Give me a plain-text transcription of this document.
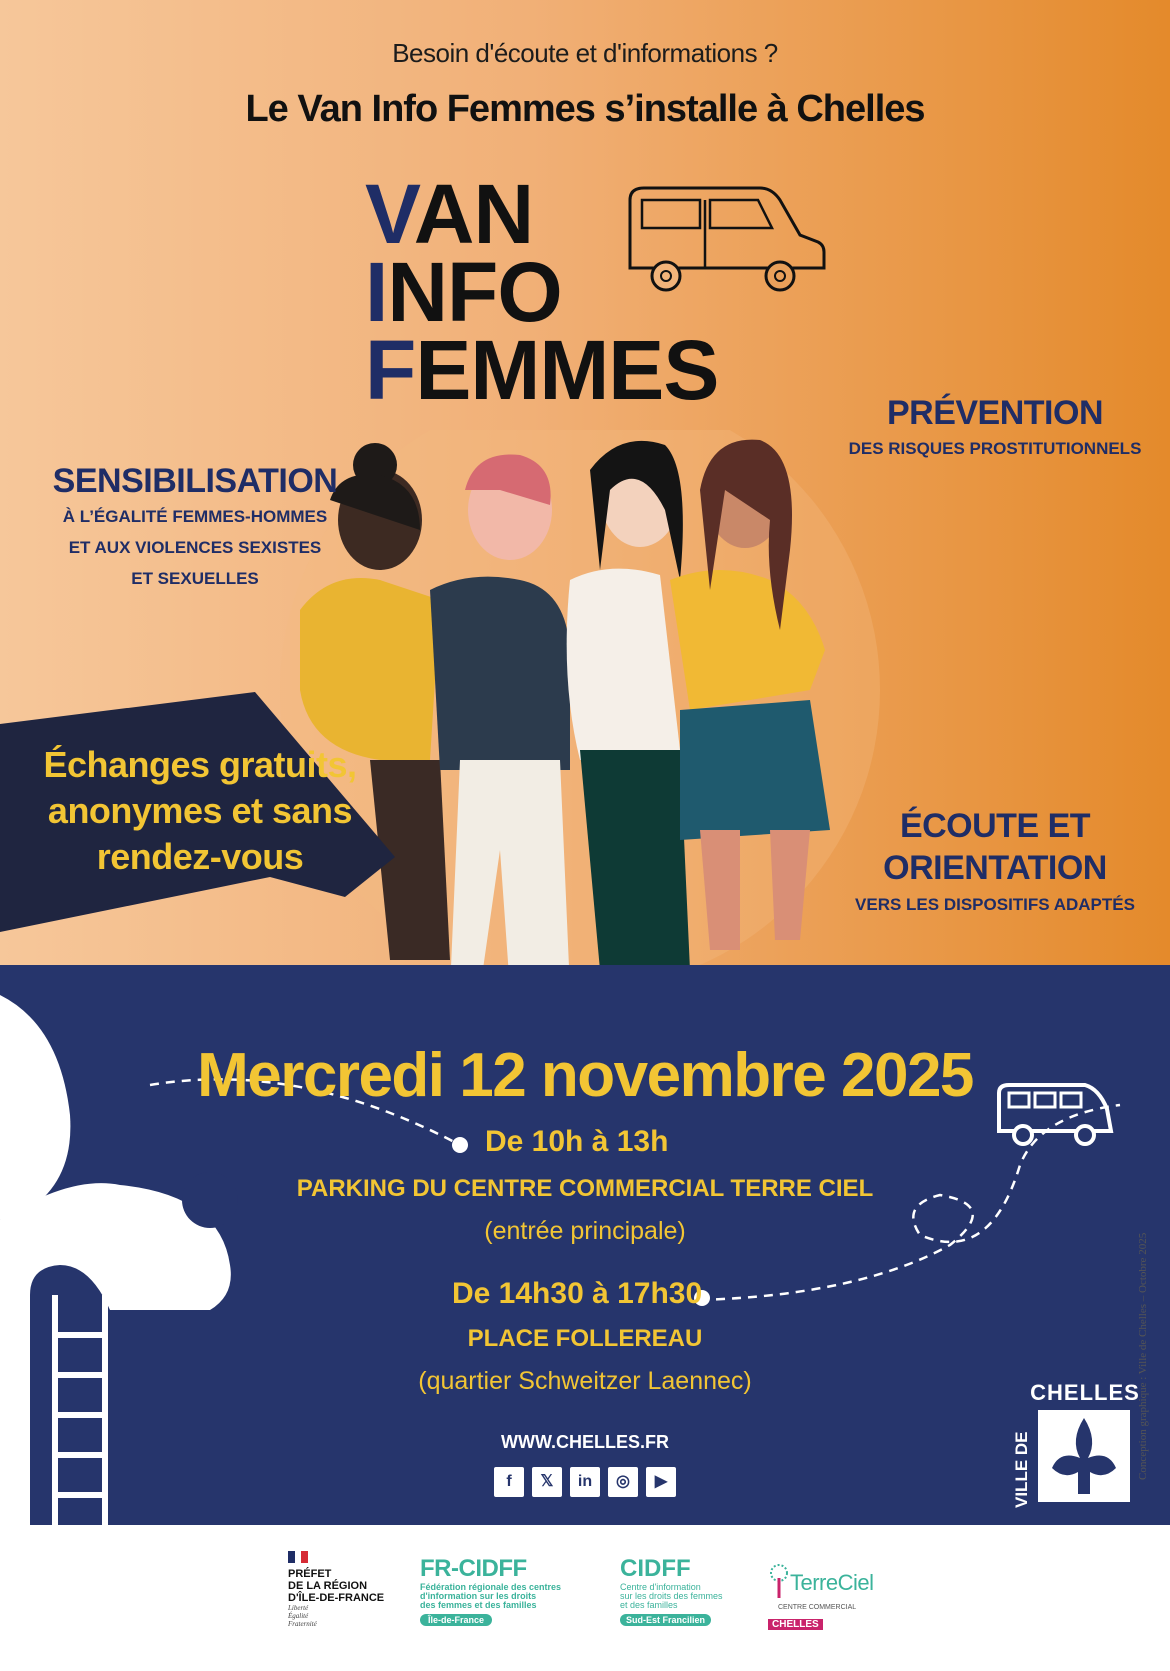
Besoin d'écoute et d'informations ?
Le Van Info Femmes s’installe à Chelles
VAN
INFO
FEMMES	PRÉVENTION
DES RISQUES PROSTITUTIONNELS
SENSIBILISATION
À L’ÉGALITÉ FEMMES-HOMMES
ET AUX VIOLENCES SEXISTES
ET SEXUELLES
ÉCOUTE ET
ORIENTATION
VERS LES DISPOSITIFS ADAPTÉS
Échanges gratuits,
anonymes et sans
rendez-vous
Mercredi 12 novembre 2025
De 10h à 13h
PARKING DU CENTRE COMMERCIAL TERRE CIEL
(entrée principale)
De 14h30 à 17h30
PLACE FOLLEREAU
(quartier Schweitzer Laennec)	CHELLES
VILLE DE
WWW.CHELLES.FR
f	𝕏	in	◎	▶
Conception graphique : Ville de Chelles – Octobre 2025
PRÉFET
DE LA RÉGION
D'ÎLE-DE-FRANCE
Liberté
Égalité
Fraternité
FR-CIDFF
Fédération régionale des centres
d'information sur les droits
des femmes et des familles
Île-de-France
CIDFF
Centre d'information
sur les droits des femmes
et des familles
Sud-Est Francilien
TerreCiel
CENTRE COMMERCIAL CHELLES
